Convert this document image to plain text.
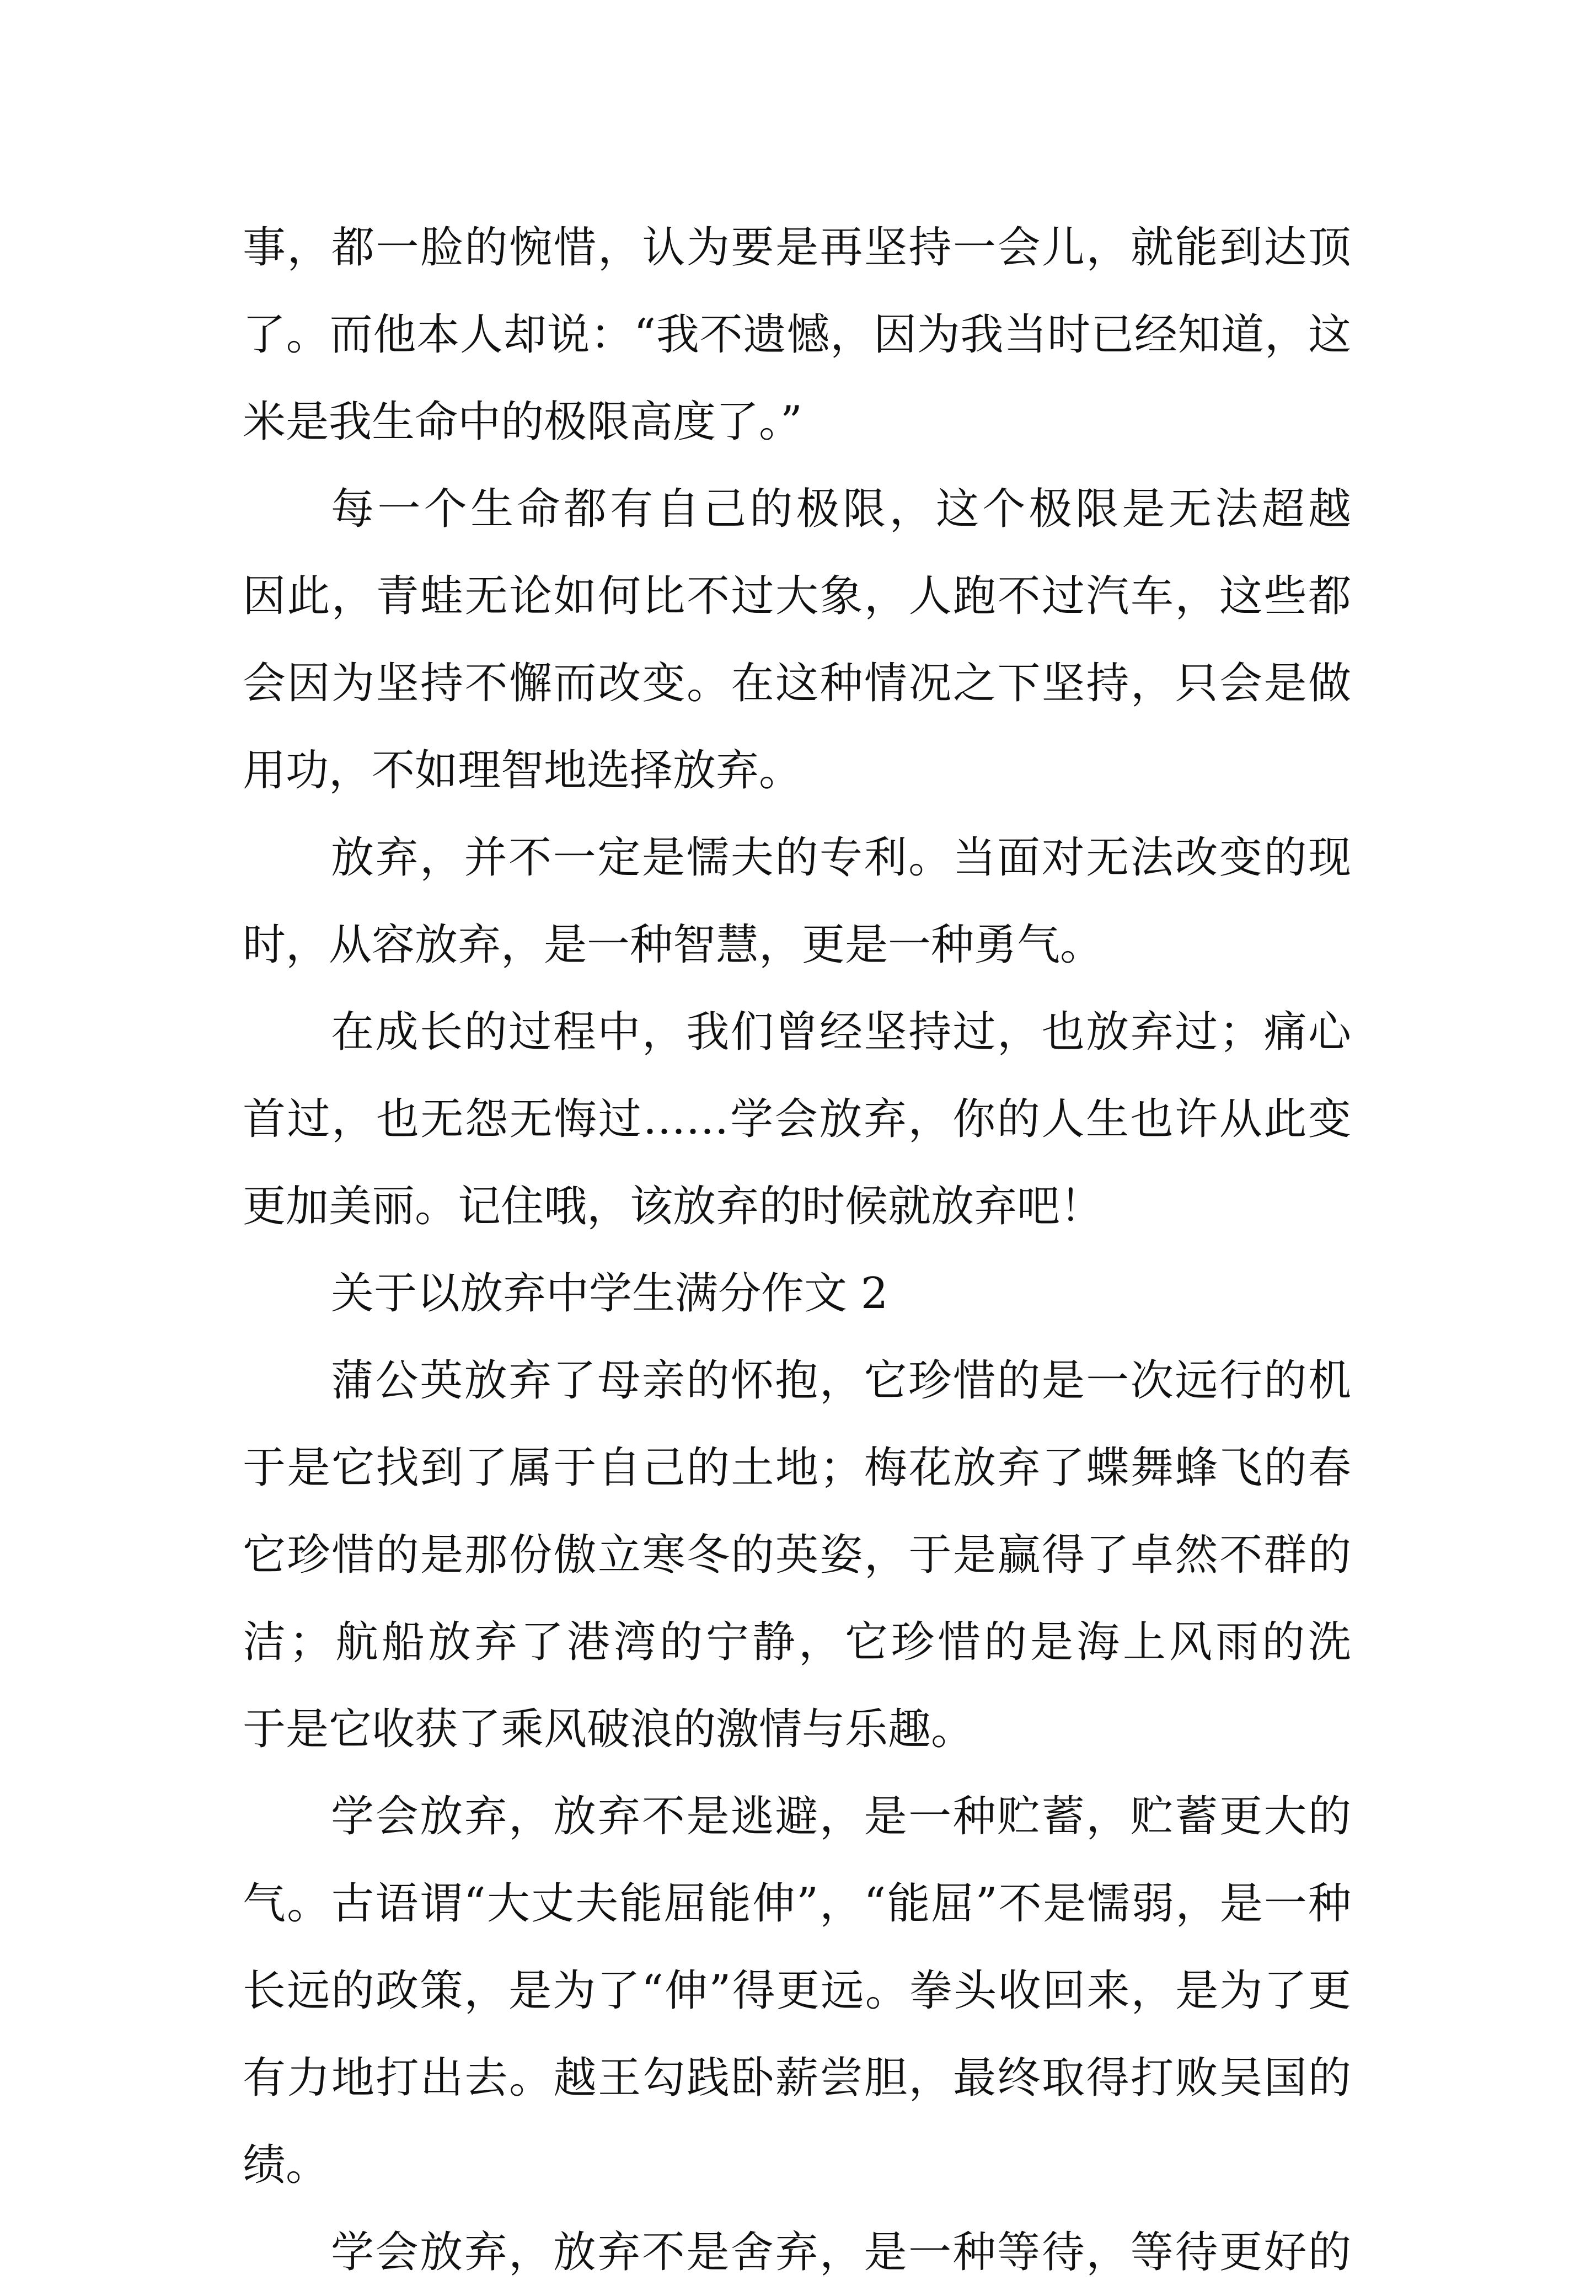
事，都一脸的惋惜，认为要是再坚持一会儿，就能到达顶
了。而他本人却说：“我不遗憾，因为我当时已经知道，这
米是我生命中的极限高度了。”
每一个生命都有自己的极限，这个极限是无法超越
因此，青蛙无论如何比不过大象，人跑不过汽车，这些都
会因为坚持不懈而改变。在这种情况之下坚持，只会是做
用功，不如理智地选择放弃。
放弃，并不一定是懦夫的专利。当面对无法改变的现
时，从容放弃，是一种智慧，更是一种勇气。
在成长的过程中，我们曾经坚持过，也放弃过；痛心
首过，也无怨无悔过……学会放弃，你的人生也许从此变
更加美丽。记住哦，该放弃的时候就放弃吧！
关于以放弃中学生满分作文 2
蒲公英放弃了母亲的怀抱，它珍惜的是一次远行的机
于是它找到了属于自己的土地；梅花放弃了蝶舞蜂飞的春
它珍惜的是那份傲立寒冬的英姿，于是赢得了卓然不群的
洁；航船放弃了港湾的宁静，它珍惜的是海上风雨的洗
于是它收获了乘风破浪的激情与乐趣。
学会放弃，放弃不是逃避，是一种贮蓄，贮蓄更大的
气。古语谓“大丈夫能屈能伸”，“能屈”不是懦弱，是一种
长远的政策，是为了“伸”得更远。拳头收回来，是为了更
有力地打出去。越王勾践卧薪尝胆，最终取得打败吴国的
绩。
学会放弃，放弃不是舍弃，是一种等待，等待更好的
